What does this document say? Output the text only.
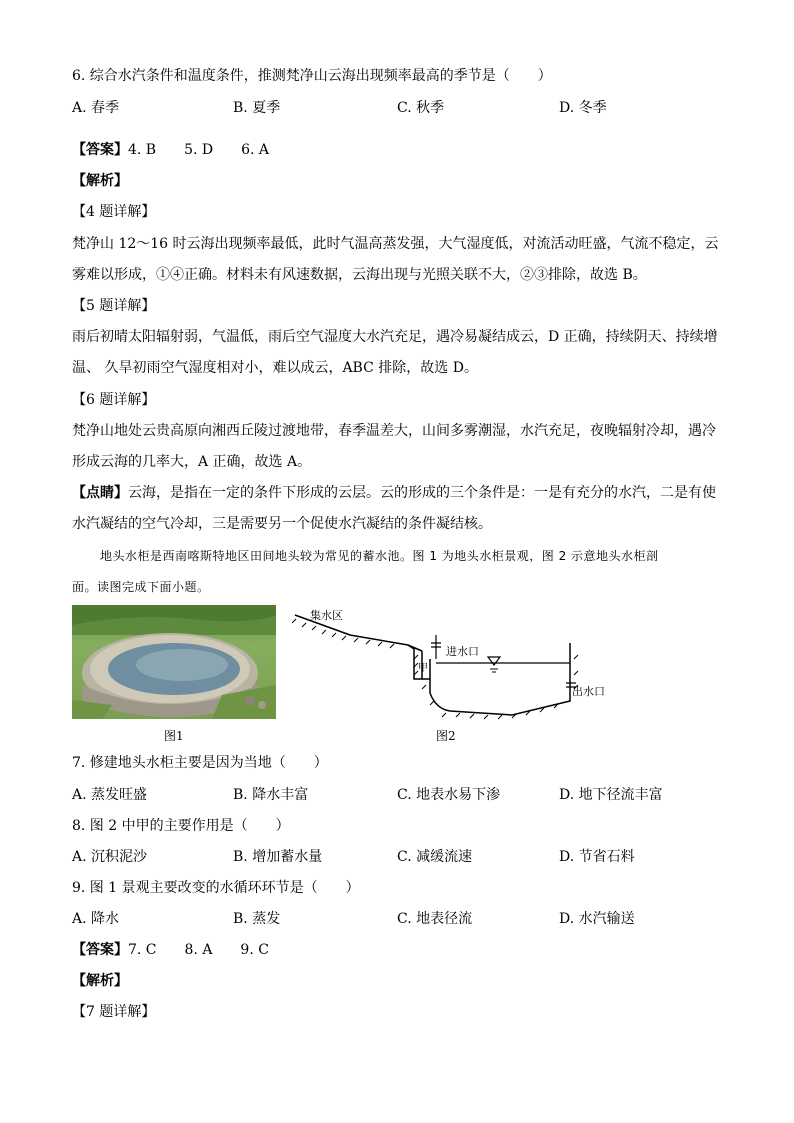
6. 综合水汽条件和温度条件，推测梵净山云海出现频率最高的季节是（　　）
A. 春季	B. 夏季	C. 秋季	D. 冬季
【答案】4. B　　5. D　　6. A
【解析】
【4 题详解】
梵净山 12～16 时云海出现频率最低，此时气温高蒸发强，大气湿度低，对流活动旺盛，气流不稳定，云
雾难以形成，①④正确。材料未有风速数据，云海出现与光照关联不大，②③排除，故选 B。
【5 题详解】
雨后初晴太阳辐射弱，气温低，雨后空气湿度大水汽充足，遇冷易凝结成云，D 正确，持续阴天、持续增
温、 久旱初雨空气湿度相对小，难以成云，ABC 排除，故选 D。
【6 题详解】
梵净山地处云贵高原向湘西丘陵过渡地带，春季温差大，山间多雾潮湿，水汽充足，夜晚辐射冷却，遇冷
形成云海的几率大，A 正确，故选 A。
【点睛】云海，是指在一定的条件下形成的云层。云的形成的三个条件是：一是有充分的水汽，二是有使
水汽凝结的空气冷却，三是需要另一个促使水汽凝结的条件凝结核。
地头水柜是西南喀斯特地区田间地头较为常见的蓄水池。图 1 为地头水柜景观，图 2 示意地头水柜剖
面。读图完成下面小题。
图1
集水区
进水口
甲
出水口
图2
7. 修建地头水柜主要是因为当地（　　）
A. 蒸发旺盛	B. 降水丰富	C. 地表水易下渗	D. 地下径流丰富
8. 图 2 中甲的主要作用是（　　）
A. 沉积泥沙	B. 增加蓄水量	C. 减缓流速	D. 节省石料
9. 图 1 景观主要改变的水循环环节是（　　）
A. 降水	B. 蒸发	C. 地表径流	D. 水汽输送
【答案】7. C　　8. A　　9. C
【解析】
【7 题详解】
